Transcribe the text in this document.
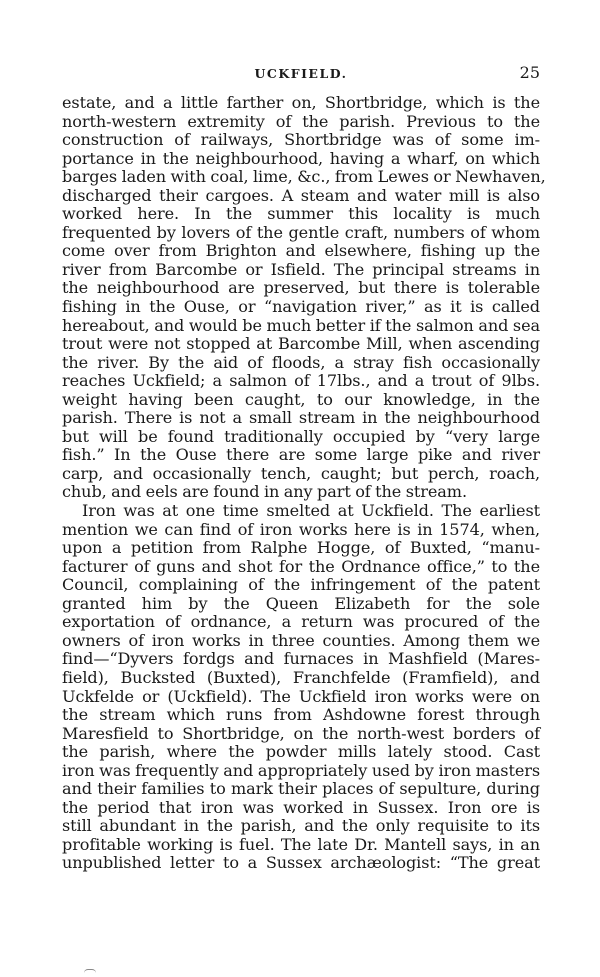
UCKFIELD.	25
estate, and a little farther on, Shortbridge, which is the
north-western extremity of the parish. Previous to the
construction of railways, Shortbridge was of some im-
portance in the neighbourhood, having a wharf, on which
barges laden with coal, lime, &c., from Lewes or Newhaven,
discharged their cargoes. A steam and water mill is also
worked here. In the summer this locality is much
frequented by lovers of the gentle craft, numbers of whom
come over from Brighton and elsewhere, fishing up the
river from Barcombe or Isfield. The principal streams in
the neighbourhood are preserved, but there is tolerable
fishing in the Ouse, or “navigation river,” as it is called
hereabout, and would be much better if the salmon and sea
trout were not stopped at Barcombe Mill, when ascending
the river. By the aid of floods, a stray fish occasionally
reaches Uckfield; a salmon of 17lbs., and a trout of 9lbs.
weight having been caught, to our knowledge, in the
parish. There is not a small stream in the neighbourhood
but will be found traditionally occupied by “very large
fish.” In the Ouse there are some large pike and river
carp, and occasionally tench, caught; but perch, roach,
chub, and eels are found in any part of the stream.
Iron was at one time smelted at Uckfield. The earliest
mention we can find of iron works here is in 1574, when,
upon a petition from Ralphe Hogge, of Buxted, “manu-
facturer of guns and shot for the Ordnance office,” to the
Council, complaining of the infringement of the patent
granted him by the Queen Elizabeth for the sole
exportation of ordnance, a return was procured of the
owners of iron works in three counties. Among them we
find—“Dyvers fordgs and furnaces in Mashfield (Mares-
field), Bucksted (Buxted), Franchfelde (Framfield), and
Uckfelde or (Uckfield). The Uckfield iron works were on
the stream which runs from Ashdowne forest through
Maresfield to Shortbridge, on the north-west borders of
the parish, where the powder mills lately stood. Cast
iron was frequently and appropriately used by iron masters
and their families to mark their places of sepulture, during
the period that iron was worked in Sussex. Iron ore is
still abundant in the parish, and the only requisite to its
profitable working is fuel. The late Dr. Mantell says, in an
unpublished letter to a Sussex archæologist: “The great
